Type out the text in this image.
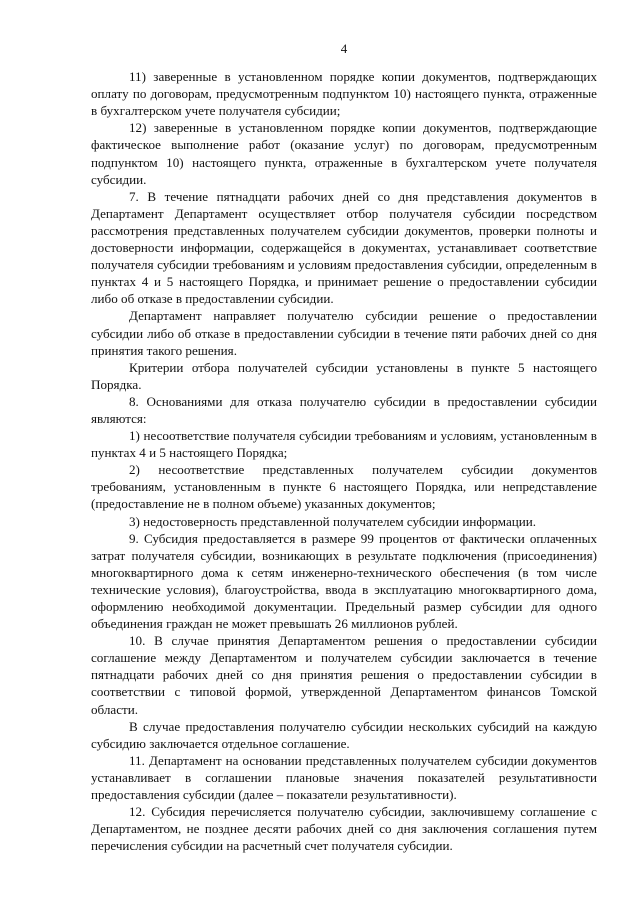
4

11) заверенные в установленном порядке копии документов, подтверждающих оплату по договорам, предусмотренным подпунктом 10) настоящего пункта, отраженные в бухгалтерском учете получателя субсидии;

12) заверенные в установленном порядке копии документов, подтверждающие фактическое выполнение работ (оказание услуг) по договорам, предусмотренным подпунктом 10) настоящего пункта, отраженные в бухгалтерском учете получателя субсидии.

7. В течение пятнадцати рабочих дней со дня представления документов в Департамент Департамент осуществляет отбор получателя субсидии посредством рассмотрения представленных получателем субсидии документов, проверки полноты и достоверности информации, содержащейся в документах, устанавливает соответствие получателя субсидии требованиям и условиям предоставления субсидии, определенным в пунктах 4 и 5 настоящего Порядка, и принимает решение о предоставлении субсидии либо об отказе в предоставлении субсидии.

Департамент направляет получателю субсидии решение о предоставлении субсидии либо об отказе в предоставлении субсидии в течение пяти рабочих дней со дня принятия такого решения.

Критерии отбора получателей субсидии установлены в пункте 5 настоящего Порядка.

8. Основаниями для отказа получателю субсидии в предоставлении субсидии являются:

1) несоответствие получателя субсидии требованиям и условиям, установленным в пунктах 4 и 5 настоящего Порядка;

2) несоответствие представленных получателем субсидии документов требованиям, установленным в пункте 6 настоящего Порядка, или непредставление (предоставление не в полном объеме) указанных документов;

3) недостоверность представленной получателем субсидии информации.

9. Субсидия предоставляется в размере 99 процентов от фактически оплаченных затрат получателя субсидии, возникающих в результате подключения (присоединения) многоквартирного дома к сетям инженерно-технического обеспечения (в том числе технические условия), благоустройства, ввода в эксплуатацию многоквартирного дома, оформлению необходимой документации. Предельный размер субсидии для одного объединения граждан не может превышать 26 миллионов рублей.

10. В случае принятия Департаментом решения о предоставлении субсидии соглашение между Департаментом и получателем субсидии заключается в течение пятнадцати рабочих дней со дня принятия решения о предоставлении субсидии в соответствии с типовой формой, утвержденной Департаментом финансов Томской области.

В случае предоставления получателю субсидии нескольких субсидий на каждую субсидию заключается отдельное соглашение.

11. Департамент на основании представленных получателем субсидии документов устанавливает в соглашении плановые значения показателей результативности предоставления субсидии (далее – показатели результативности).

12. Субсидия перечисляется получателю субсидии, заключившему соглашение с Департаментом, не позднее десяти рабочих дней со дня заключения соглашения путем перечисления субсидии на расчетный счет получателя субсидии.
